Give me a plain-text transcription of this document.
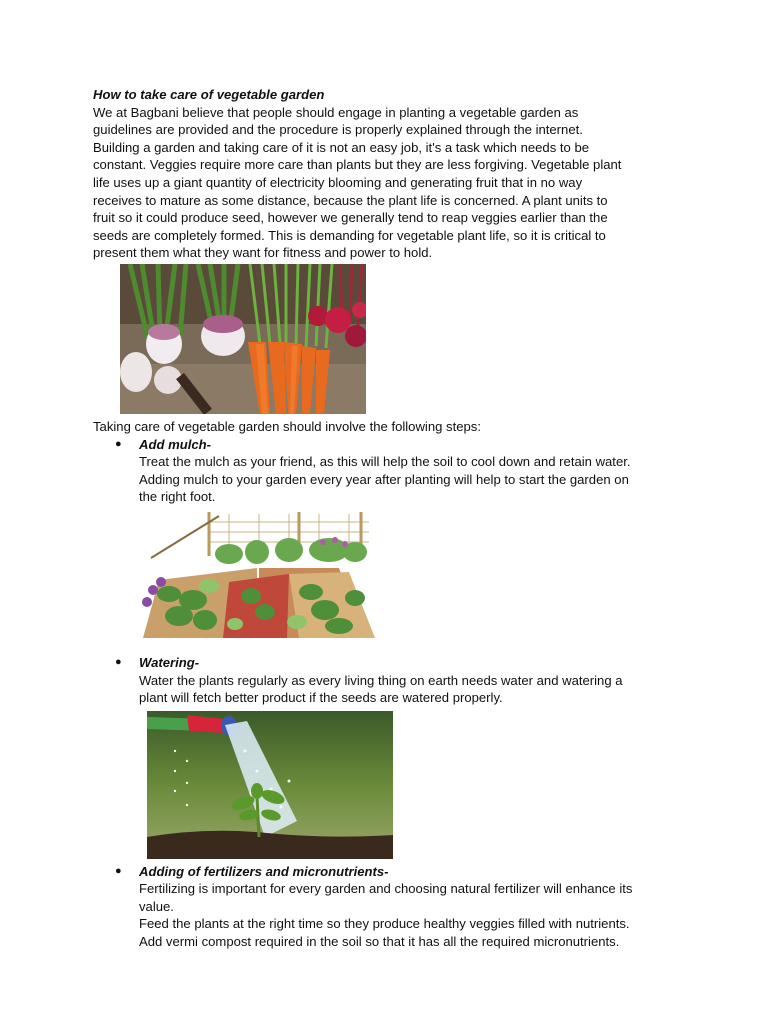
How to take care of vegetable garden

We at Bagbani believe that people should engage in planting a vegetable garden as

guidelines are provided and the procedure is properly explained through the internet.

Building a garden and taking care of it is not an easy job, it's a task which needs to be

constant. Veggies require more care than plants but they are less forgiving. Vegetable plant

life uses up a giant quantity of electricity blooming and generating fruit that in no way

receives to mature as some distance, because the plant life is concerned. A plant units to

fruit so it could produce seed, however we generally tend to reap veggies earlier than the

seeds are completely formed. This is demanding for vegetable plant life, so it is critical to

present them what they want for fitness and power to hold.

Taking care of vegetable garden should involve the following steps:

● Add mulch-

Treat the mulch as your friend, as this will help the soil to cool down and retain water.

Adding mulch to your garden every year after planting will help to start the garden on

the right foot.

● Watering-

Water the plants regularly as every living thing on earth needs water and watering a

plant will fetch better product if the seeds are watered properly.

● Adding of fertilizers and micronutrients-

Fertilizing is important for every garden and choosing natural fertilizer will enhance its

value.

Feed the plants at the right time so they produce healthy veggies filled with nutrients.

Add vermi compost required in the soil so that it has all the required micronutrients.
